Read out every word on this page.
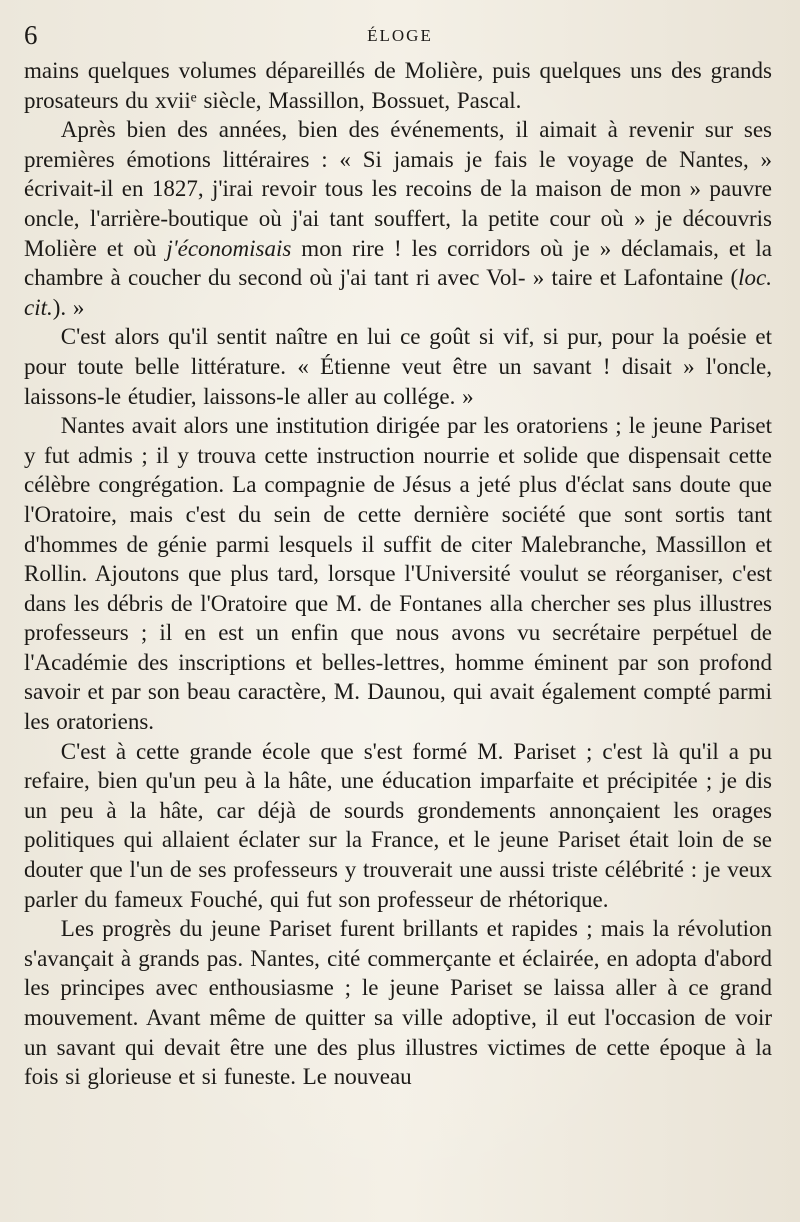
6	ÉLOGE

mains quelques volumes dépareillés de Molière, puis quelques uns des grands prosateurs du xviiᵉ siècle, Massillon, Bossuet, Pascal.

Après bien des années, bien des événements, il aimait à revenir sur ses premières émotions littéraires : « Si jamais je fais le voyage de Nantes, » écrivait-il en 1827, j'irai revoir tous les recoins de la maison de mon » pauvre oncle, l'arrière-boutique où j'ai tant souffert, la petite cour où » je découvris Molière et où j'économisais mon rire ! les corridors où je » déclamais, et la chambre à coucher du second où j'ai tant ri avec Vol- » taire et Lafontaine (loc. cit.). »

C'est alors qu'il sentit naître en lui ce goût si vif, si pur, pour la poésie et pour toute belle littérature. « Étienne veut être un savant ! disait » l'oncle, laissons-le étudier, laissons-le aller au collége. »

Nantes avait alors une institution dirigée par les oratoriens ; le jeune Pariset y fut admis ; il y trouva cette instruction nourrie et solide que dispensait cette célèbre congrégation. La compagnie de Jésus a jeté plus d'éclat sans doute que l'Oratoire, mais c'est du sein de cette dernière société que sont sortis tant d'hommes de génie parmi lesquels il suffit de citer Malebranche, Massillon et Rollin. Ajoutons que plus tard, lorsque l'Université voulut se réorganiser, c'est dans les débris de l'Oratoire que M. de Fontanes alla chercher ses plus illustres professeurs ; il en est un enfin que nous avons vu secrétaire perpétuel de l'Académie des inscriptions et belles-lettres, homme éminent par son profond savoir et par son beau caractère, M. Daunou, qui avait également compté parmi les oratoriens.

C'est à cette grande école que s'est formé M. Pariset ; c'est là qu'il a pu refaire, bien qu'un peu à la hâte, une éducation imparfaite et précipitée ; je dis un peu à la hâte, car déjà de sourds grondements annonçaient les orages politiques qui allaient éclater sur la France, et le jeune Pariset était loin de se douter que l'un de ses professeurs y trouverait une aussi triste célébrité : je veux parler du fameux Fouché, qui fut son professeur de rhétorique.

Les progrès du jeune Pariset furent brillants et rapides ; mais la révolution s'avançait à grands pas. Nantes, cité commerçante et éclairée, en adopta d'abord les principes avec enthousiasme ; le jeune Pariset se laissa aller à ce grand mouvement. Avant même de quitter sa ville adoptive, il eut l'occasion de voir un savant qui devait être une des plus illustres victimes de cette époque à la fois si glorieuse et si funeste. Le nouveau
